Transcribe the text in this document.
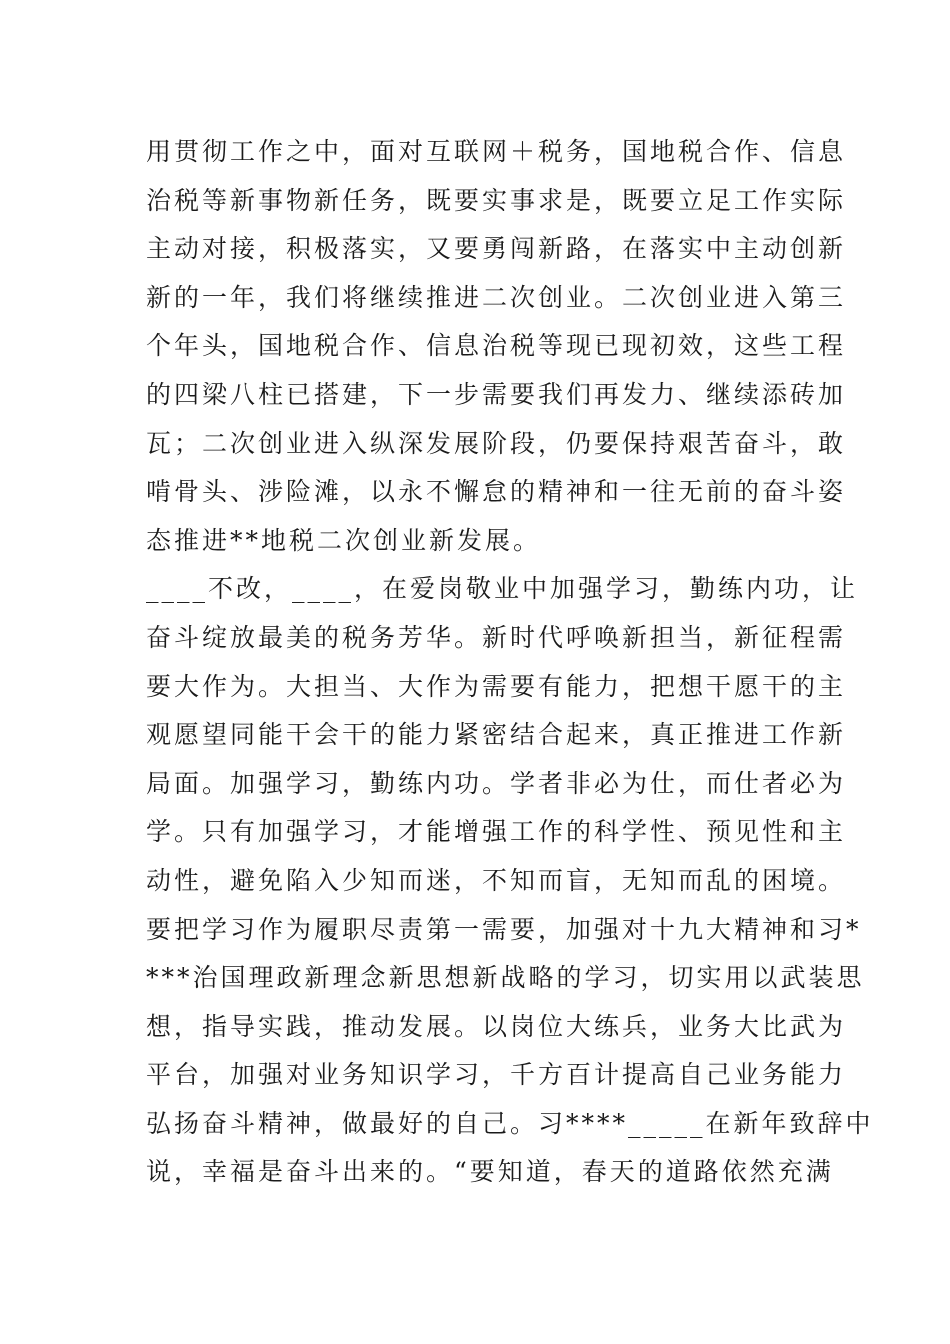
用贯彻工作之中，面对互联网＋税务，国地税合作、信息
治税等新事物新任务，既要实事求是，既要立足工作实际
主动对接，积极落实，又要勇闯新路，在落实中主动创新
新的一年，我们将继续推进二次创业。二次创业进入第三
个年头，国地税合作、信息治税等现已现初效，这些工程
的四梁八柱已搭建，下一步需要我们再发力、继续添砖加
瓦；二次创业进入纵深发展阶段，仍要保持艰苦奋斗，敢
啃骨头、涉险滩，以永不懈怠的精神和一往无前的奋斗姿
态推进**地税二次创业新发展。
____不改，____，在爱岗敬业中加强学习，勤练内功，让
奋斗绽放最美的税务芳华。新时代呼唤新担当，新征程需
要大作为。大担当、大作为需要有能力，把想干愿干的主
观愿望同能干会干的能力紧密结合起来，真正推进工作新
局面。加强学习，勤练内功。学者非必为仕，而仕者必为
学。只有加强学习，才能增强工作的科学性、预见性和主
动性，避免陷入少知而迷，不知而盲，无知而乱的困境。
要把学习作为履职尽责第一需要，加强对十九大精神和习*
***治国理政新理念新思想新战略的学习，切实用以武装思
想，指导实践，推动发展。以岗位大练兵，业务大比武为
平台，加强对业务知识学习，千方百计提高自己业务能力
弘扬奋斗精神，做最好的自己。习****_____在新年致辞中
说，幸福是奋斗出来的。“要知道，春天的道路依然充满
